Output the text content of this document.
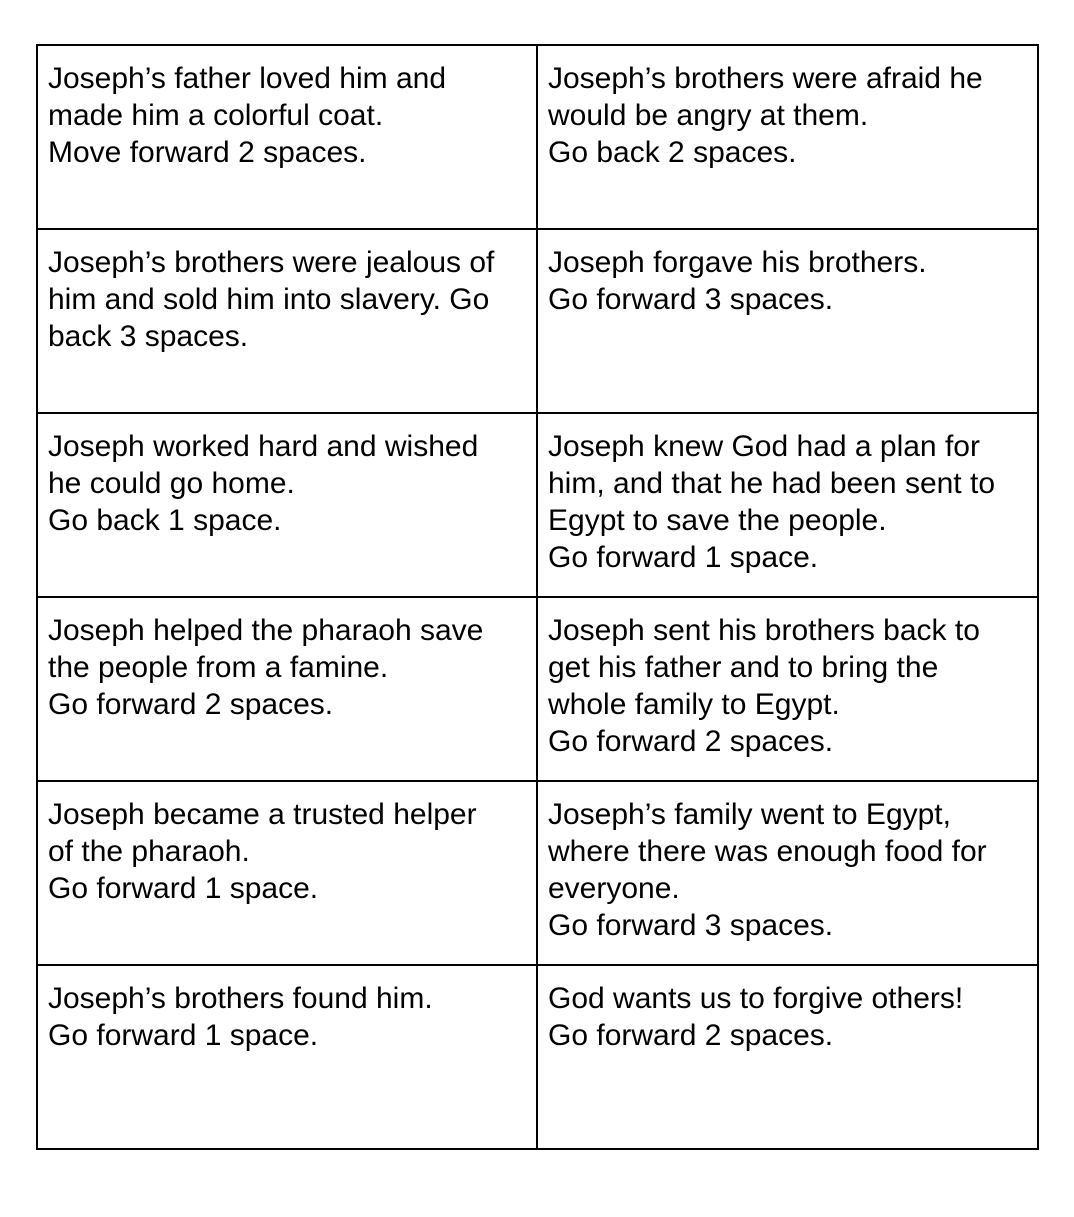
Joseph’s father loved him and
made him a colorful coat.
Move forward 2 spaces.	Joseph’s brothers were afraid he
would be angry at them.
Go back 2 spaces.

Joseph’s brothers were jealous of
him and sold him into slavery. Go
back 3 spaces.	Joseph forgave his brothers.
Go forward 3 spaces.

Joseph worked hard and wished
he could go home.
Go back 1 space.	Joseph knew God had a plan for
him, and that he had been sent to
Egypt to save the people.
Go forward 1 space.

Joseph helped the pharaoh save
the people from a famine.
Go forward 2 spaces.	Joseph sent his brothers back to
get his father and to bring the
whole family to Egypt.
Go forward 2 spaces.

Joseph became a trusted helper
of the pharaoh.
Go forward 1 space.	Joseph’s family went to Egypt,
where there was enough food for
everyone.
Go forward 3 spaces.

Joseph’s brothers found him.
Go forward 1 space.	God wants us to forgive others!
Go forward 2 spaces.
